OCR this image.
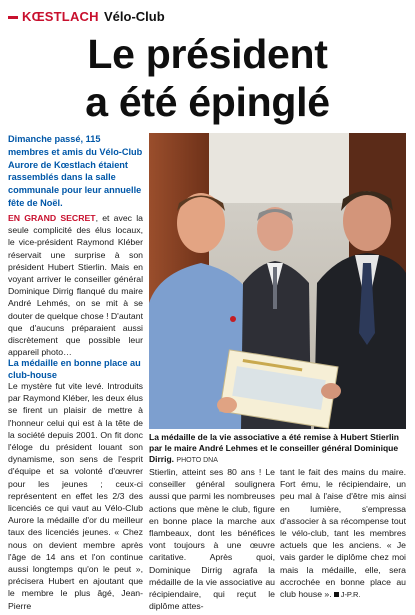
KŒSTLACH Vélo-Club
Le président
a été épinglé
Dimanche passé, 115 membres et amis du Vélo-Club Aurore de Kœstlach étaient rassemblés dans la salle communale pour leur annuelle fête de Noël.
EN GRAND SECRET, et avec la seule complicité des élus locaux, le vice-président Raymond Kléber réservait une surprise à son président Hubert Stierlin. Mais en voyant arriver le conseiller général Dominique Dirrig flanqué du maire André Lehmés, on se mit à se douter de quelque chose ! D'autant que d'aucuns préparaient aussi discrètement que possible leur appareil photo…
La médaille en bonne place au club-house
Le mystère fut vite levé. Introduits par Raymond Kléber, les deux élus se firent un plaisir de mettre à l'honneur celui qui est à la tête de la société depuis 2001. On fit donc l'éloge du président louant son dynamisme, son sens de l'esprit d'équipe et sa volonté d'œuvrer pour les jeunes ; ceux-ci représentent en effet les 2/3 des licenciés ce qui vaut au Vélo-Club Aurore la médaille d'or du meilleur taux des licenciés jeunes. « Chez nous on devient membre après l'âge de 14 ans et l'on continue aussi longtemps qu'on le peut », précisera Hubert en ajoutant que le membre le plus âgé, Jean-Pierre
La médaille de la vie associative a été remise à Hubert Stierlin par le maire André Lehmes et le conseiller général Dominique Dirrig. PHOTO DNA
Stierlin, atteint ses 80 ans ! Le conseiller général soulignera aussi que parmi les nombreuses actions que mène le club, figure en bonne place la marche aux flambeaux, dont les bénéfices vont toujours à une œuvre caritative. Après quoi, Dominique Dirrig agrafa la médaille de la vie associative au récipiendaire, qui reçut le diplôme attes-
tant le fait des mains du maire. Fort ému, le récipiendaire, un peu mal à l'aise d'être mis ainsi en lumière, s'empressa d'associer à sa récompense tout le vélo-club, tant les membres actuels que les anciens. « Je vais garder le diplôme chez moi mais la médaille, elle, sera accrochée en bonne place au club house ». J-P.R.
